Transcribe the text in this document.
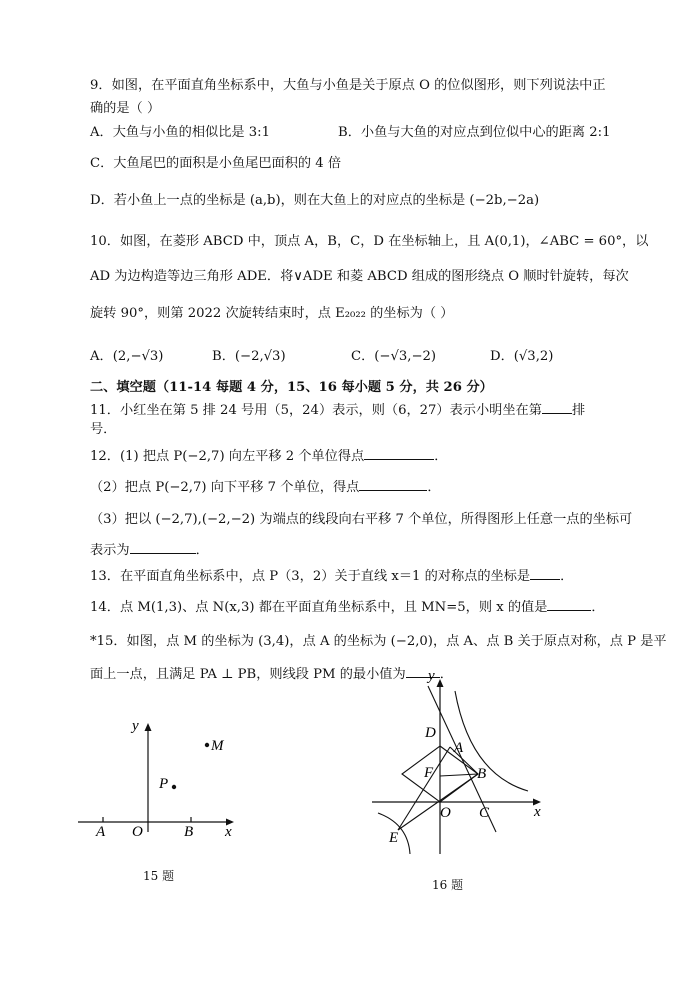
9．如图，在平面直角坐标系中，大鱼与小鱼是关于原点 O 的位似图形，则下列说法中正
确的是（ ）
A．大鱼与小鱼的相似比是 3:1	B．小鱼与大鱼的对应点到位似中心的距离 2:1
C．大鱼尾巴的面积是小鱼尾巴面积的 4 倍
D．若小鱼上一点的坐标是 (a,b)，则在大鱼上的对应点的坐标是 (−2b,−2a)
10．如图，在菱形 ABCD 中，顶点 A，B，C，D 在坐标轴上，且 A(0,1)，∠ABC = 60°，以
AD 为边构造等边三角形 ADE．将∨ADE 和菱 ABCD 组成的图形绕点 O 顺时针旋转，每次
旋转 90°，则第 2022 次旋转结束时，点 E₂₀₂₂ 的坐标为（ ）
A．(2,−√3)	B．(−2,√3)	C．(−√3,−2)	D．(√3,2)
二、填空题（11-14 每题 4 分，15、16 每小题 5 分，共 26 分）
11．小红坐在第 5 排 24 号用（5，24）表示，则（6，27）表示小明坐在第 排
号．
12．(1) 把点 P(−2,7) 向左平移 2 个单位得点	．
（2）把点 P(−2,7) 向下平移 7 个单位，得点	．
（3）把以 (−2,7),(−2,−2) 为端点的线段向右平移 7 个单位，所得图形上任意一点的坐标可
表示为	．
13．在平面直角坐标系中，点 P（3，2）关于直线 x＝1 的对称点的坐标是 ．
14．点 M(1,3)、点 N(x,3) 都在平面直角坐标系中，且 MN=5，则 x 的值是	．
*15．如图，点 M 的坐标为 (3,4)，点 A 的坐标为 (−2,0)，点 A、点 B 关于原点对称，点 P 是平
面上一点，且满足 PA ⊥ PB，则线段 PM 的最小值为	．
y
M
P
A O	B x
15 题
y
D
A
F	B
O C
E
x
16 题
